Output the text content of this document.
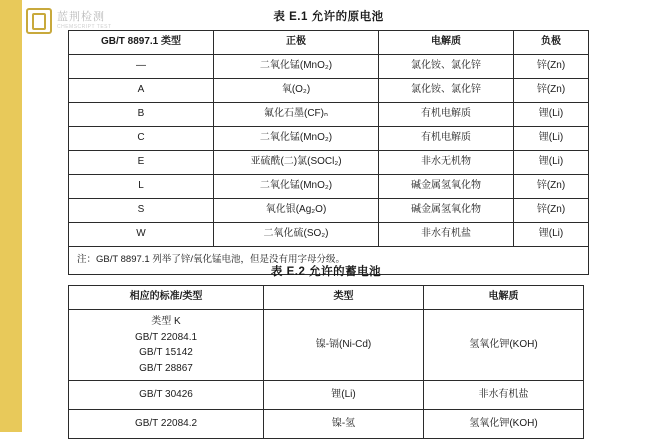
蓝荆检测
CHEMSCRIPT TEST
表 E.1 允许的原电池
GB/T 8897.1 类型	正极	电解质	负极
—	二氧化锰(MnO₂)	氯化铵、氯化锌	锌(Zn)
A	氧(O₂)	氯化铵、氯化锌	锌(Zn)
B	氟化石墨(CF)ₙ	有机电解质	锂(Li)
C	二氧化锰(MnO₂)	有机电解质	锂(Li)
E	亚硫酰(二)氯(SOCl₂)	非水无机物	锂(Li)
L	二氧化锰(MnO₂)	碱金属氢氧化物	锌(Zn)
S	氧化银(Ag₂O)	碱金属氢氧化物	锌(Zn)
W	二氧化硫(SO₂)	非水有机盐	锂(Li)
注：GB/T 8897.1 列举了锌/氧化锰电池，但是没有用字母分级。			
表 E.2 允许的蓄电池
相应的标准/类型	类型	电解质
类型 K
GB/T 22084.1
GB/T 15142
GB/T 28867	镍-镉(Ni-Cd)	氢氧化钾(KOH)
GB/T 30426	锂(Li)	非水有机盐
GB/T 22084.2	镍-氢	氢氧化钾(KOH)
